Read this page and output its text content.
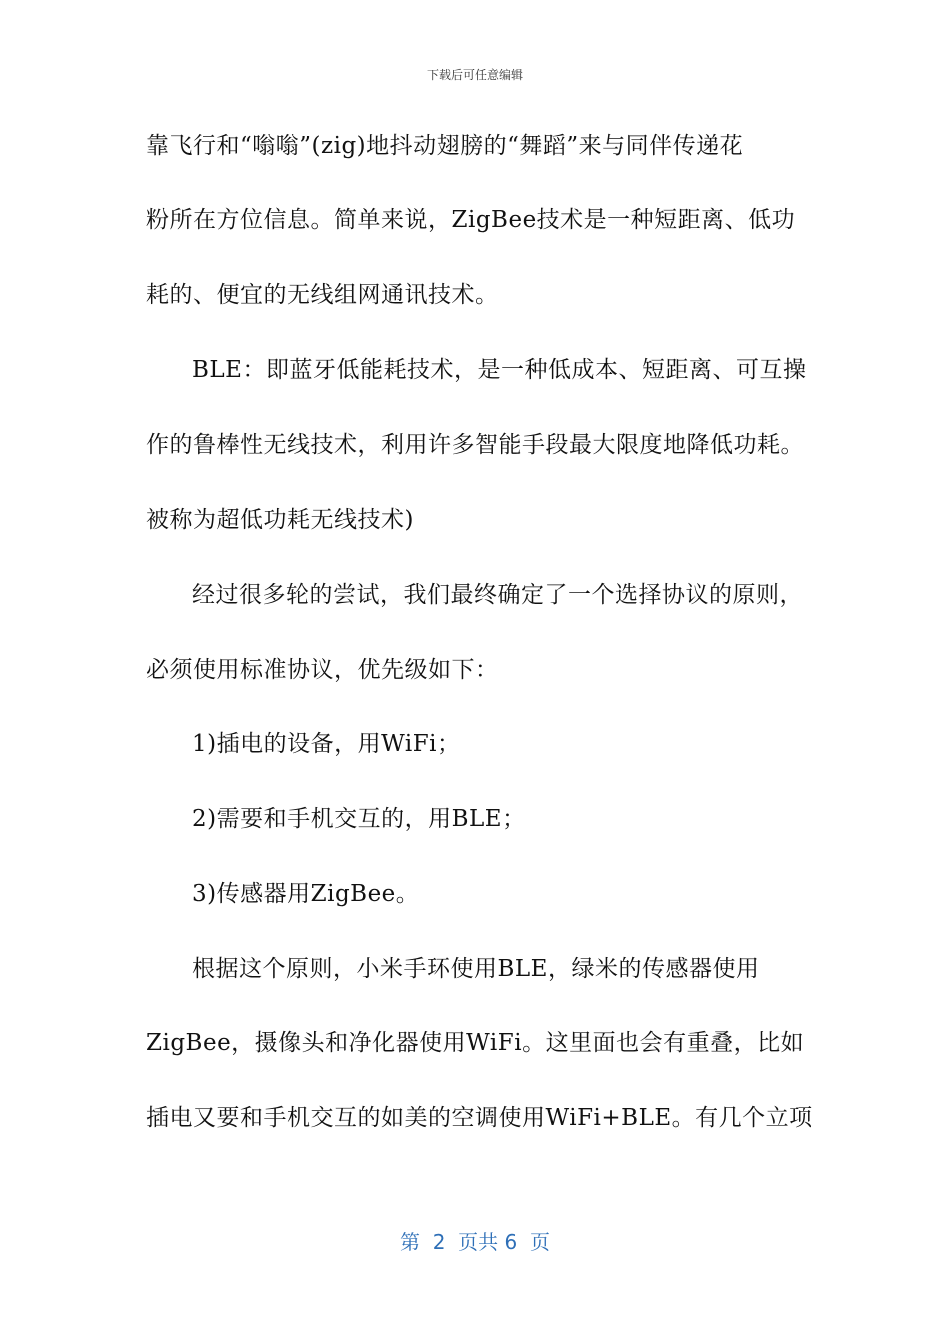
下载后可任意编辑
靠飞行和“嗡嗡”(zig)地抖动翅膀的“舞蹈”来与同伴传递花
粉所在方位信息。简单来说，ZigBee技术是一种短距离、低功
耗的、便宜的无线组网通讯技术。
BLE：即蓝牙低能耗技术，是一种低成本、短距离、可互操
作的鲁棒性无线技术，利用许多智能手段最大限度地降低功耗。
被称为超低功耗无线技术)
经过很多轮的尝试，我们最终确定了一个选择协议的原则，
必须使用标准协议，优先级如下：
1)插电的设备，用WiFi；
2)需要和手机交互的，用BLE；
3)传感器用ZigBee。
根据这个原则，小米手环使用BLE，绿米的传感器使用
ZigBee，摄像头和净化器使用WiFi。这里面也会有重叠，比如
插电又要和手机交互的如美的空调使用WiFi+BLE。有几个立项
第  2  页共 6  页
